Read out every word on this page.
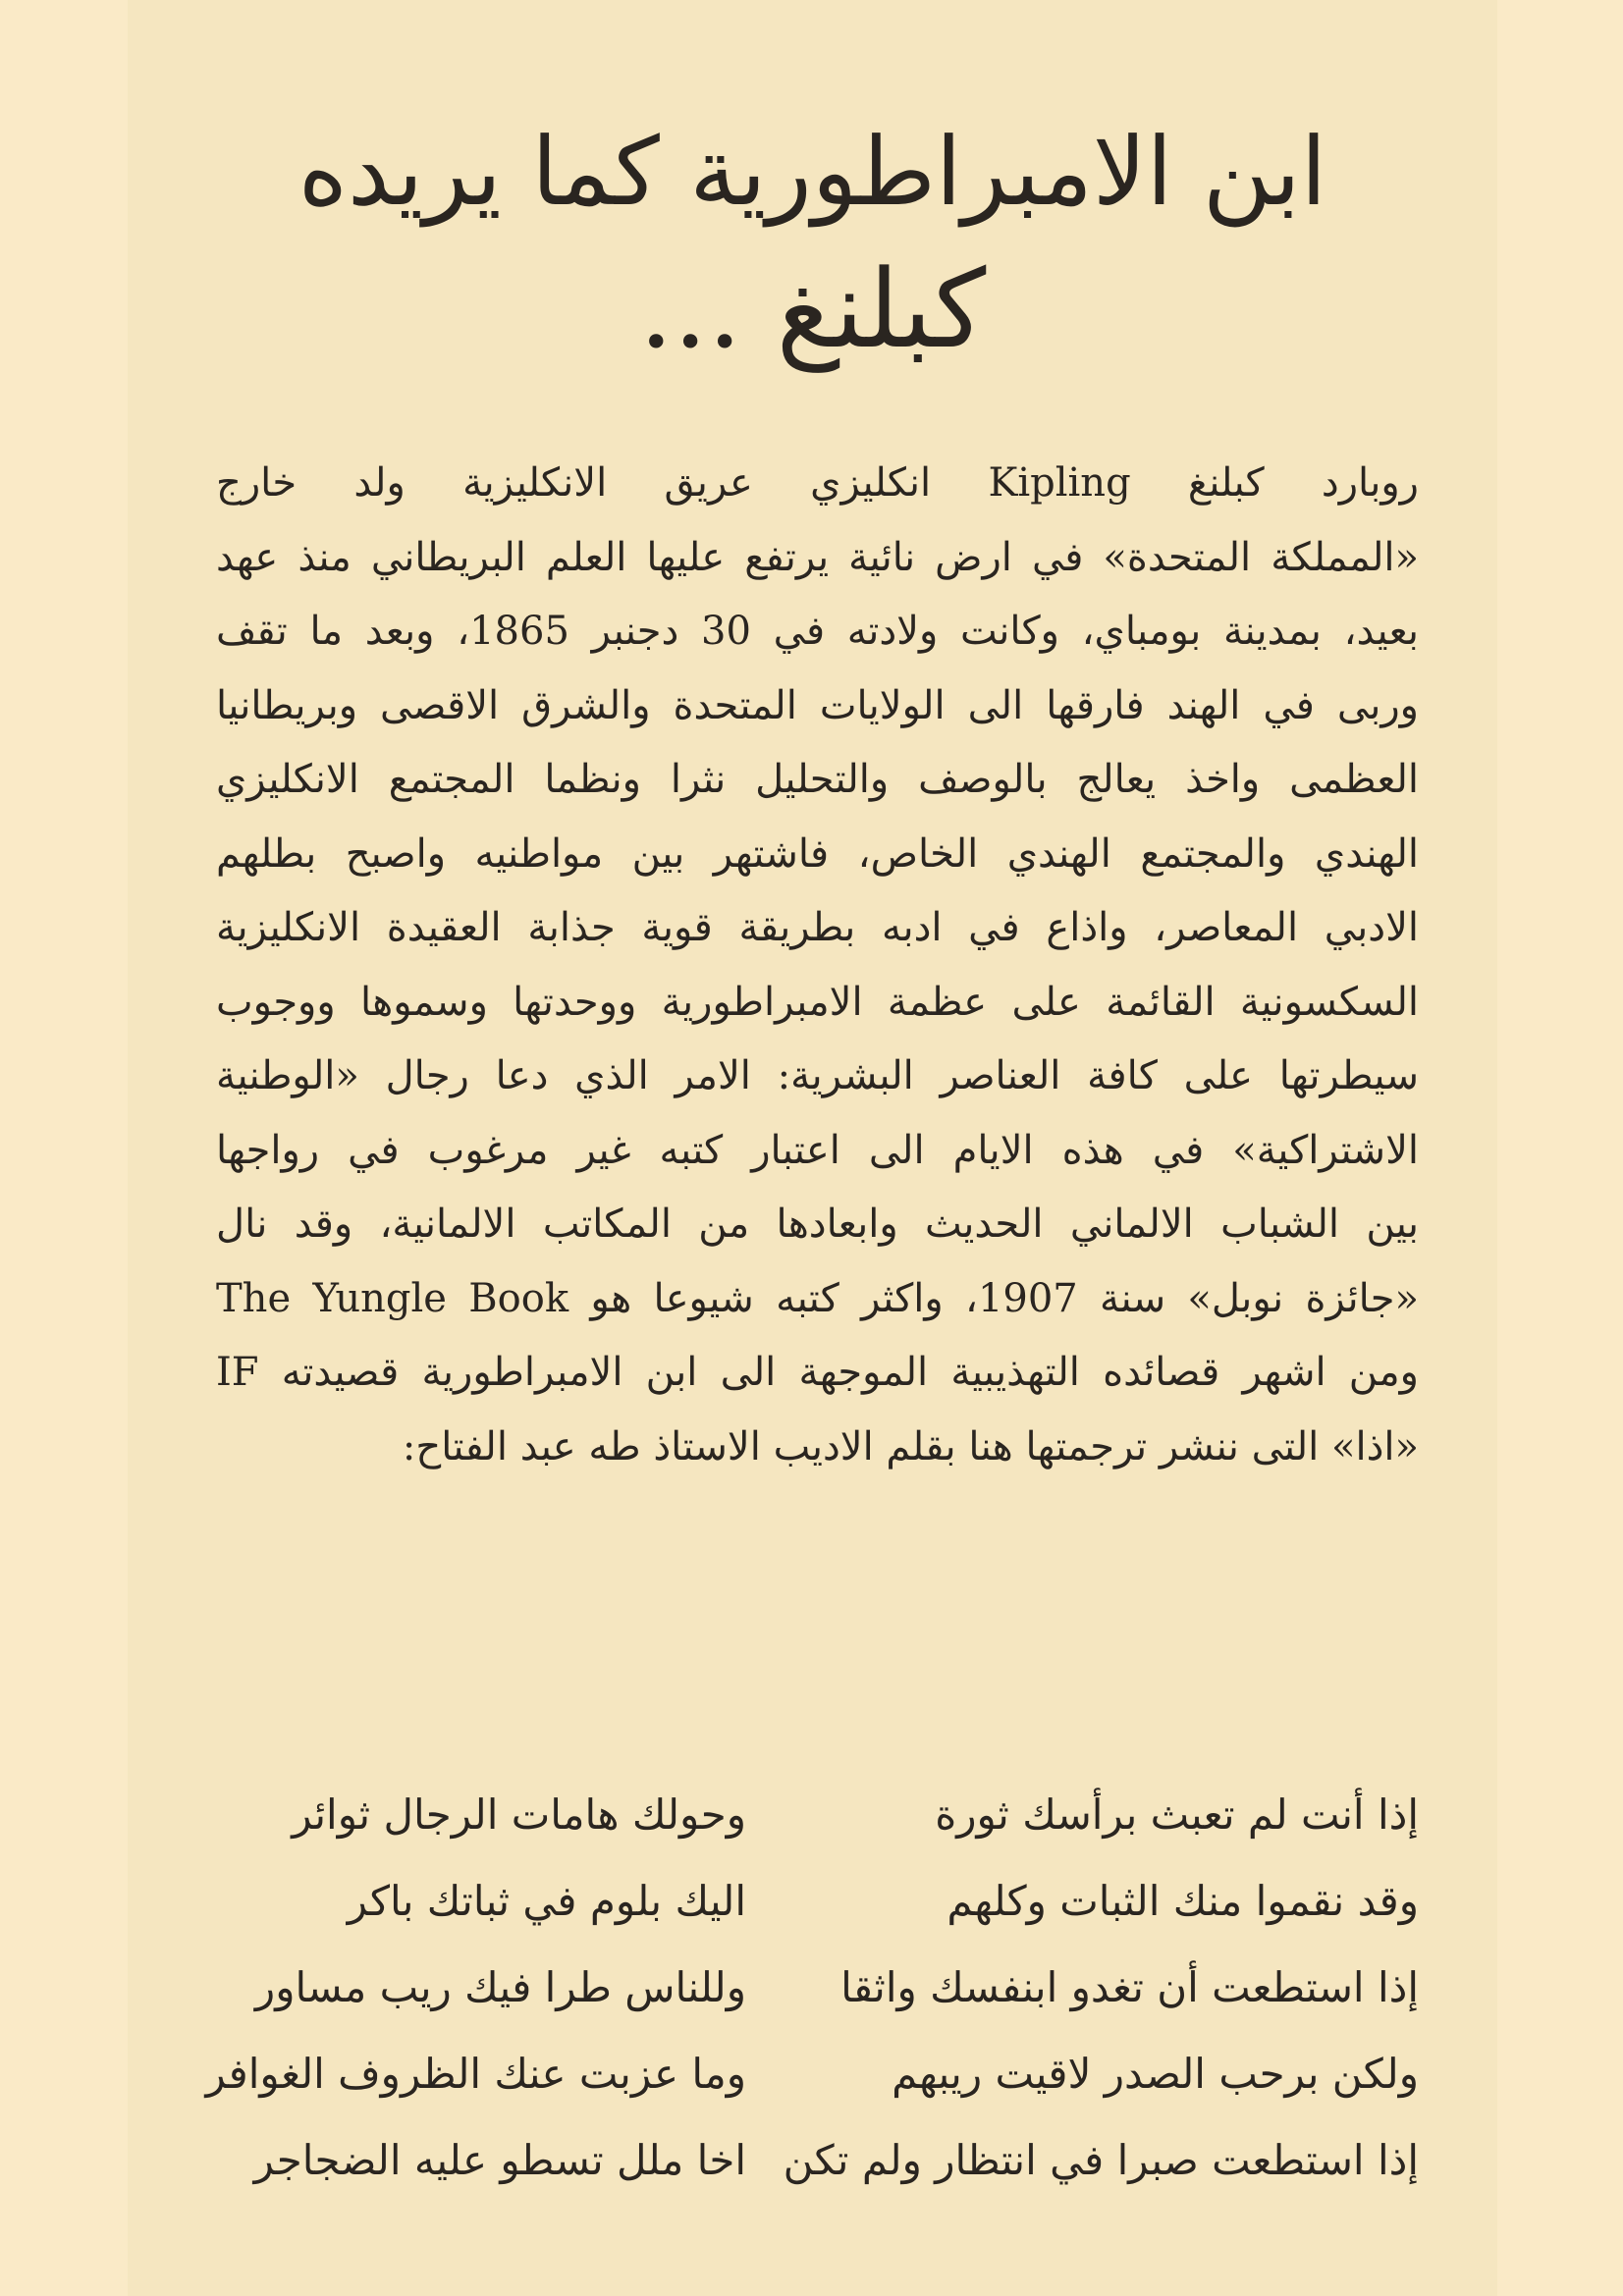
ابن الامبراطورية كما يريده

كبلنغ ...

روبارد كبلنغ Kipling انكليزي عريق الانكليزية ولد خارج
«المملكة المتحدة» في ارض نائية يرتفع عليها العلم البريطاني منذ عهد
بعيد، بمدينة بومباي، وكانت ولادته في 30 دجنبر 1865، وبعد ما تقف
وربى في الهند فارقها الى الولايات المتحدة والشرق الاقصى وبريطانيا
العظمى واخذ يعالج بالوصف والتحليل نثرا ونظما المجتمع الانكليزي
الهندي والمجتمع الهندي الخاص، فاشتهر بين مواطنيه واصبح بطلهم
الادبي المعاصر، واذاع في ادبه بطريقة قوية جذابة العقيدة الانكليزية
السكسونية القائمة على عظمة الامبراطورية ووحدتها وسموها ووجوب
سيطرتها على كافة العناصر البشرية: الامر الذي دعا رجال «الوطنية
الاشتراكية» في هذه الايام الى اعتبار كتبه غير مرغوب في رواجها
بين الشباب الالماني الحديث وابعادها من المكاتب الالمانية، وقد نال
«جائزة نوبل» سنة 1907، واكثر كتبه شيوعا هو The Yungle Book
ومن اشهر قصائده التهذيبية الموجهة الى ابن الامبراطورية قصيدته IF
«اذا» التى ننشر ترجمتها هنا بقلم الاديب الاستاذ طه عبد الفتاح:
إذا أنت لم تعبث برأسك ثورة
وحولك هامات الرجال ثوائر
وقد نقموا منك الثبات وكلهم
اليك بلوم في ثباتك باكر
إذا استطعت أن تغدو ابنفسك واثقا
وللناس طرا فيك ريب مساور
ولكن برحب الصدر لاقيت ريبهم
وما عزبت عنك الظروف الغوافر
إذا استطعت صبرا في انتظار ولم تكن
اخا ملل تسطو عليه الضجاجر
